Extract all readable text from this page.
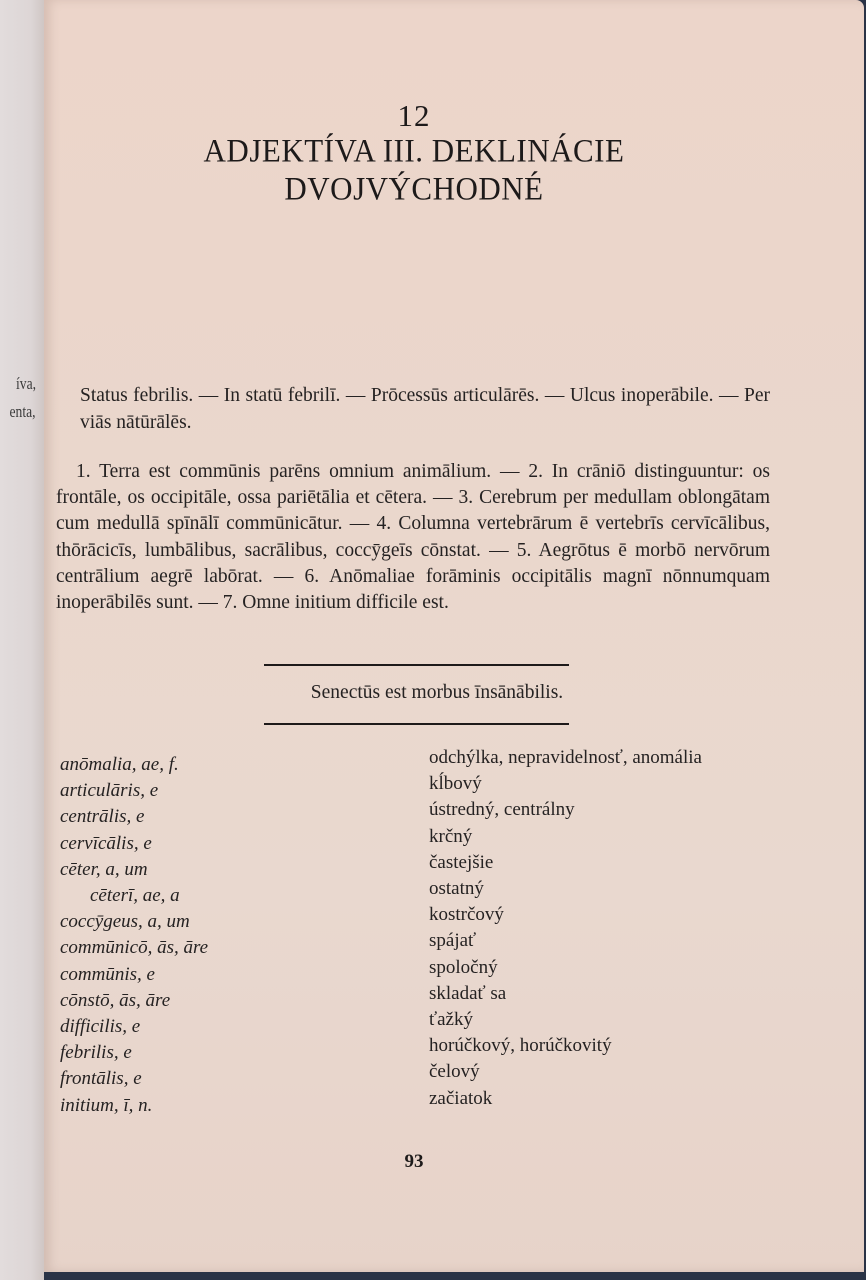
íva,
enta,
12
ADJEKTÍVA III. DEKLINÁCIE
DVOJVÝCHODNÉ
Status febrilis. — In statū febrilī. — Prōcessūs articulārēs. — Ulcus inoperābile. — Per viās nātūrālēs.
1. Terra est commūnis parēns omnium animālium. — 2. In crāniō distinguuntur: os frontāle, os occipitāle, ossa pariētālia et cētera. — 3. Cerebrum per medullam oblongātam cum medullā spīnālī commūnicātur. — 4. Columna vertebrārum ē vertebrīs cervīcālibus, thōrācicīs, lumbālibus, sacrālibus, coccȳgeīs cōnstat. — 5. Aegrōtus ē morbō nervōrum centrālium aegrē labōrat. — 6. Anōmaliae forāminis occipitālis magnī nōnnumquam inoperābilēs sunt. — 7. Omne initium difficile est.
Senectūs est morbus īnsānābilis.
anōmalia, ae, f.
articulāris, e
centrālis, e
cervīcālis, e
cēter, a, um
cēterī, ae, a
coccȳgeus, a, um
commūnicō, ās, āre
commūnis, e
cōnstō, ās, āre
difficilis, e
febrilis, e
frontālis, e
initium, ī, n.
odchýlka, nepravidelnosť, anomália
kĺbový
ústredný, centrálny
krčný
častejšie
ostatný
kostrčový
spájať
spoločný
skladať sa
ťažký
horúčkový, horúčkovitý
čelový
začiatok
93
